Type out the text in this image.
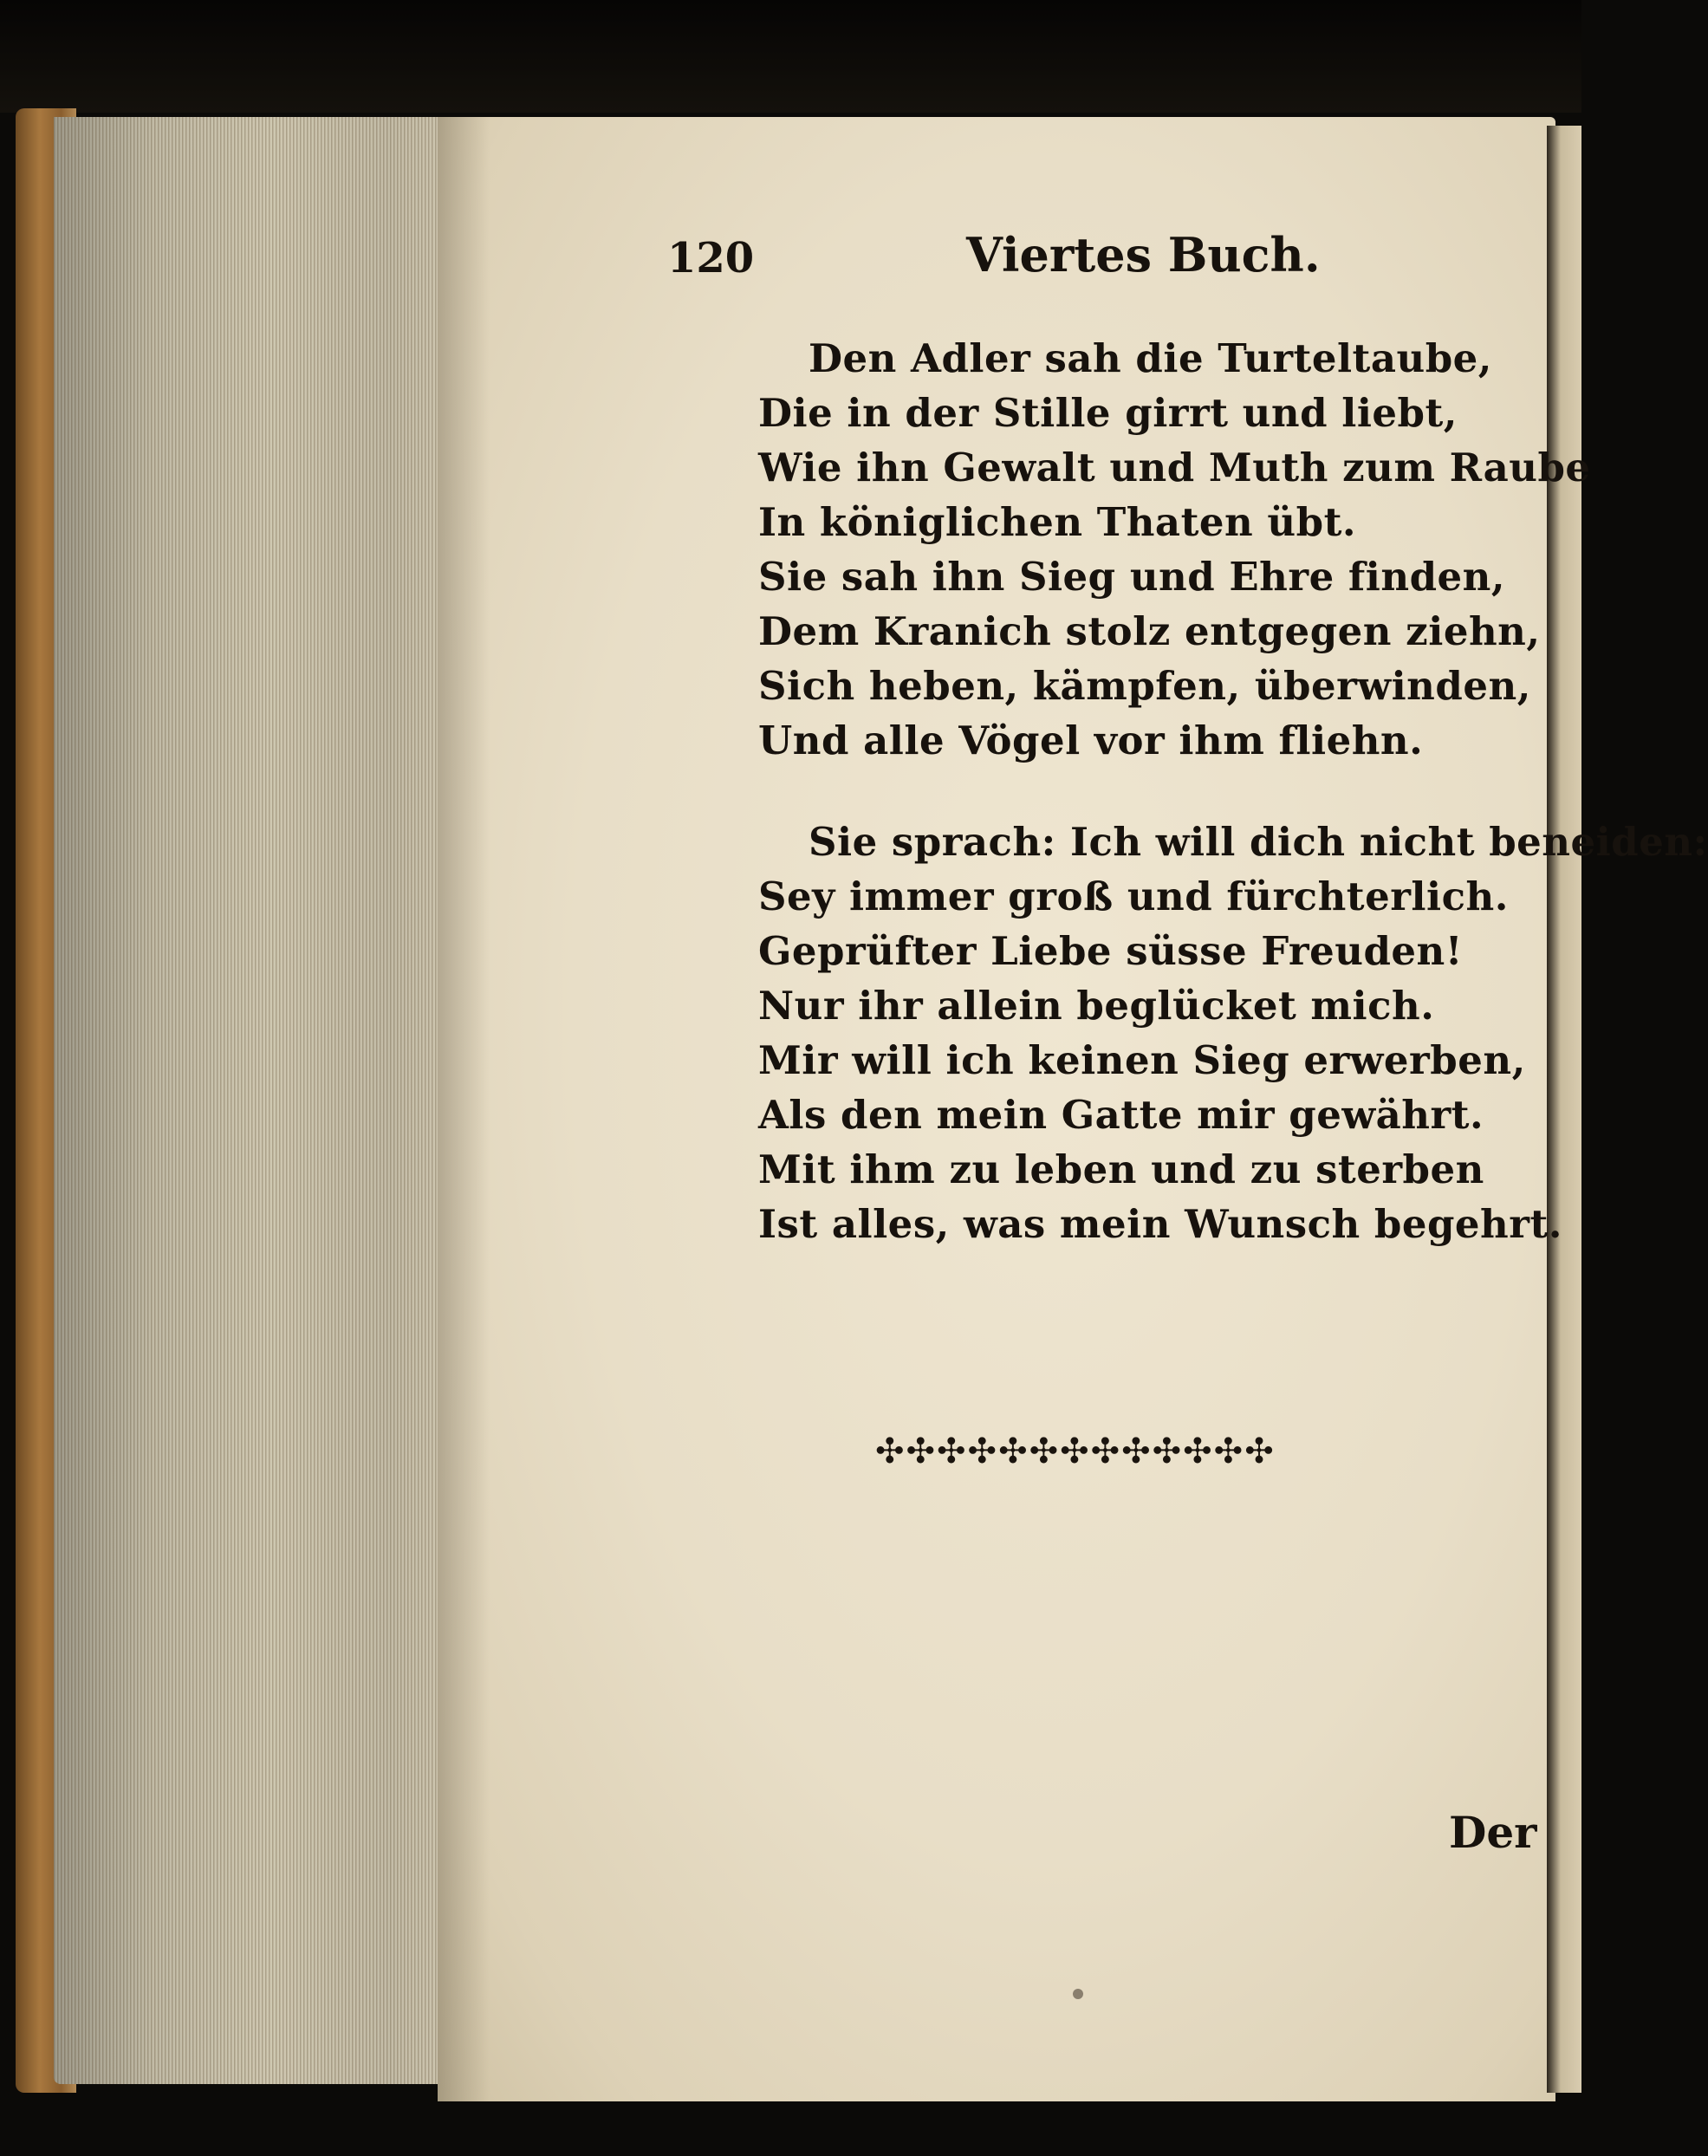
120	Viertes Buch.
Den Adler sah die Turteltaube,
Die in der Stille girrt und liebt,
Wie ihn Gewalt und Muth zum Raube
In königlichen Thaten übt.
Sie sah ihn Sieg und Ehre finden,
Dem Kranich stolz entgegen ziehn,
Sich heben, kämpfen, überwinden,
Und alle Vögel vor ihm fliehn.
Sie sprach: Ich will dich nicht beneiden:
Sey immer groß und fürchterlich.
Geprüfter Liebe süsse Freuden!
Nur ihr allein beglücket mich.
Mir will ich keinen Sieg erwerben,
Als den mein Gatte mir gewährt.
Mit ihm zu leben und zu sterben
Ist alles, was mein Wunsch begehrt.
✣✣✣✣✣✣✣✣✣✣✣✣✣
Der
